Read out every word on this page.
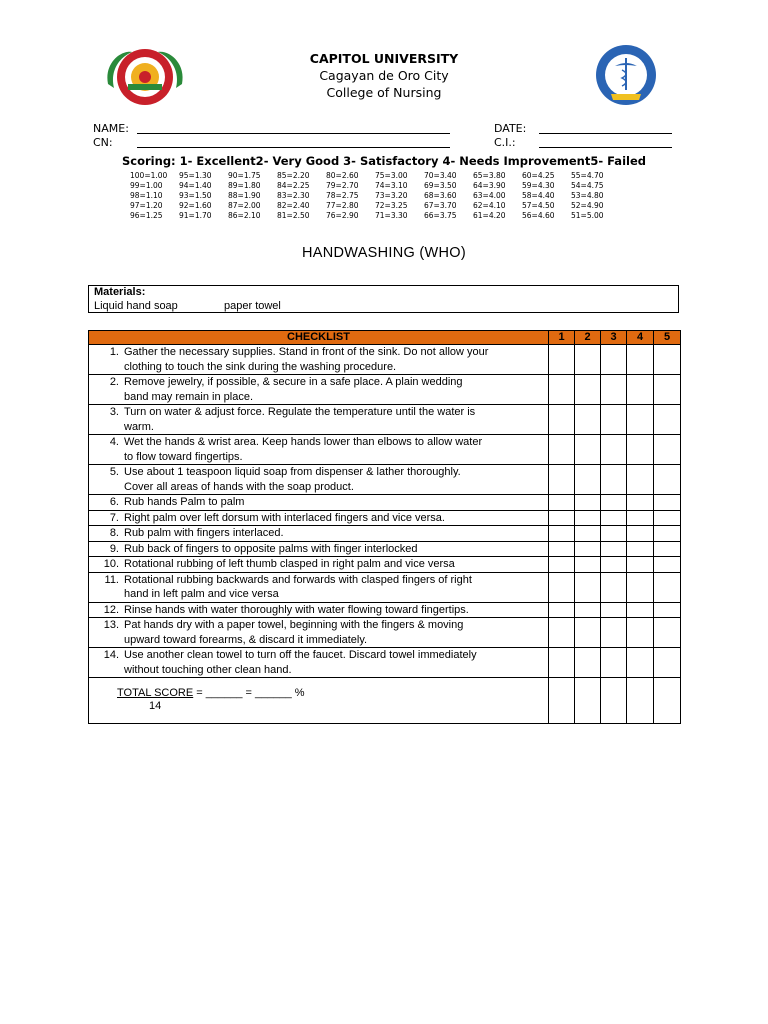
CAPITOL UNIVERSITY
Cagayan de Oro City
College of Nursing
NAME:
CN:
DATE:
C.I.:
Scoring: 1- Excellent2- Very Good 3- Satisfactory 4- Needs Improvement5- Failed
100=1.00	95=1.30	90=1.75	85=2.20	80=2.60	75=3.00	70=3.40	65=3.80	60=4.25	55=4.70
99=1.00	94=1.40	89=1.80	84=2.25	79=2.70	74=3.10	69=3.50	64=3.90	59=4.30	54=4.75
98=1.10	93=1.50	88=1.90	83=2.30	78=2.75	73=3.20	68=3.60	63=4.00	58=4.40	53=4.80
97=1.20	92=1.60	87=2.00	82=2.40	77=2.80	72=3.25	67=3.70	62=4.10	57=4.50	52=4.90
96=1.25	91=1.70	86=2.10	81=2.50	76=2.90	71=3.30	66=3.75	61=4.20	56=4.60	51=5.00
HANDWASHING (WHO)
Materials:
Liquid hand soap	paper towel
CHECKLIST	1	2	3	4	5

1. Gather the necessary supplies. Stand in front of the sink. Do not allow your
clothing to touch the sink during the washing procedure.					

2. Remove jewelry, if possible, & secure in a safe place. A plain wedding
band may remain in place.					

3. Turn on water & adjust force. Regulate the temperature until the water is
warm.					

4. Wet the hands & wrist area. Keep hands lower than elbows to allow water
to flow toward fingertips.					

5. Use about 1 teaspoon liquid soap from dispenser & lather thoroughly.
Cover all areas of hands with the soap product.					

6. Rub hands Palm to palm					

7. Right palm over left dorsum with interlaced fingers and vice versa.					

8. Rub palm with fingers interlaced.					

9. Rub back of fingers to opposite palms with finger interlocked					

10. Rotational rubbing of left thumb clasped in right palm and vice versa					

11. Rotational rubbing backwards and forwards with clasped fingers of right
hand in left palm and vice versa					

12. Rinse hands with water thoroughly with water flowing toward fingertips.					

13. Pat hands dry with a paper towel, beginning with the fingers & moving
upward toward forearms, & discard it immediately.					

14. Use another clean towel to turn off the faucet. Discard towel immediately
without touching other clean hand.					

TOTAL SCORE = ______ = ______ %
14					
